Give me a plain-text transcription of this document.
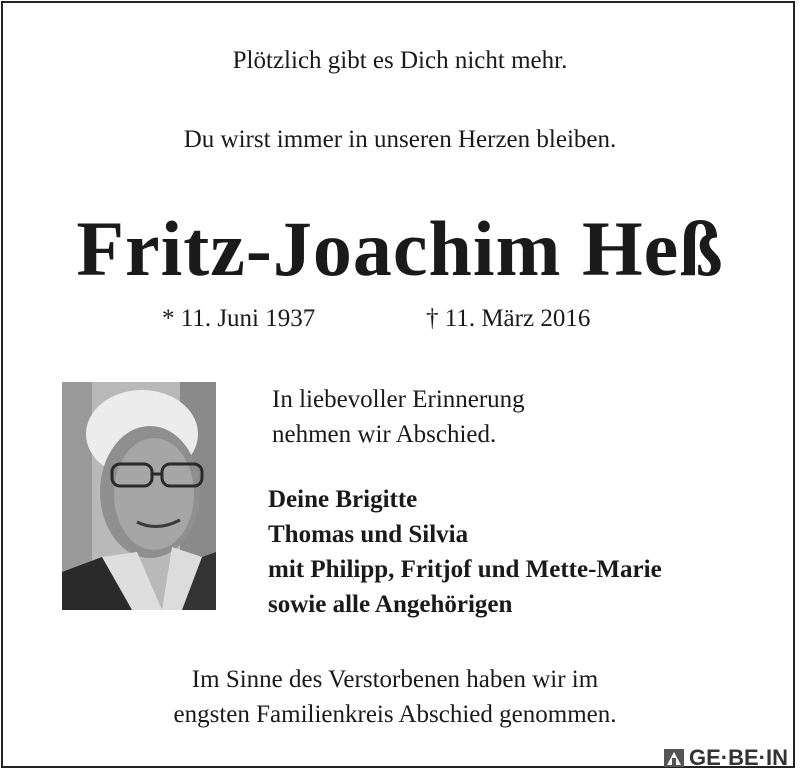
Plötzlich gibt es Dich nicht mehr.
Du wirst immer in unseren Herzen bleiben.
Fritz-Joachim Heß
* 11. Juni 1937	† 11. März 2016
In liebevoller Erinnerung
nehmen wir Abschied.
Deine Brigitte
Thomas und Silvia
mit Philipp, Fritjof und Mette-Marie
sowie alle Angehörigen
Im Sinne des Verstorbenen haben wir im
engsten Familienkreis Abschied genommen.
GE·BE·IN
